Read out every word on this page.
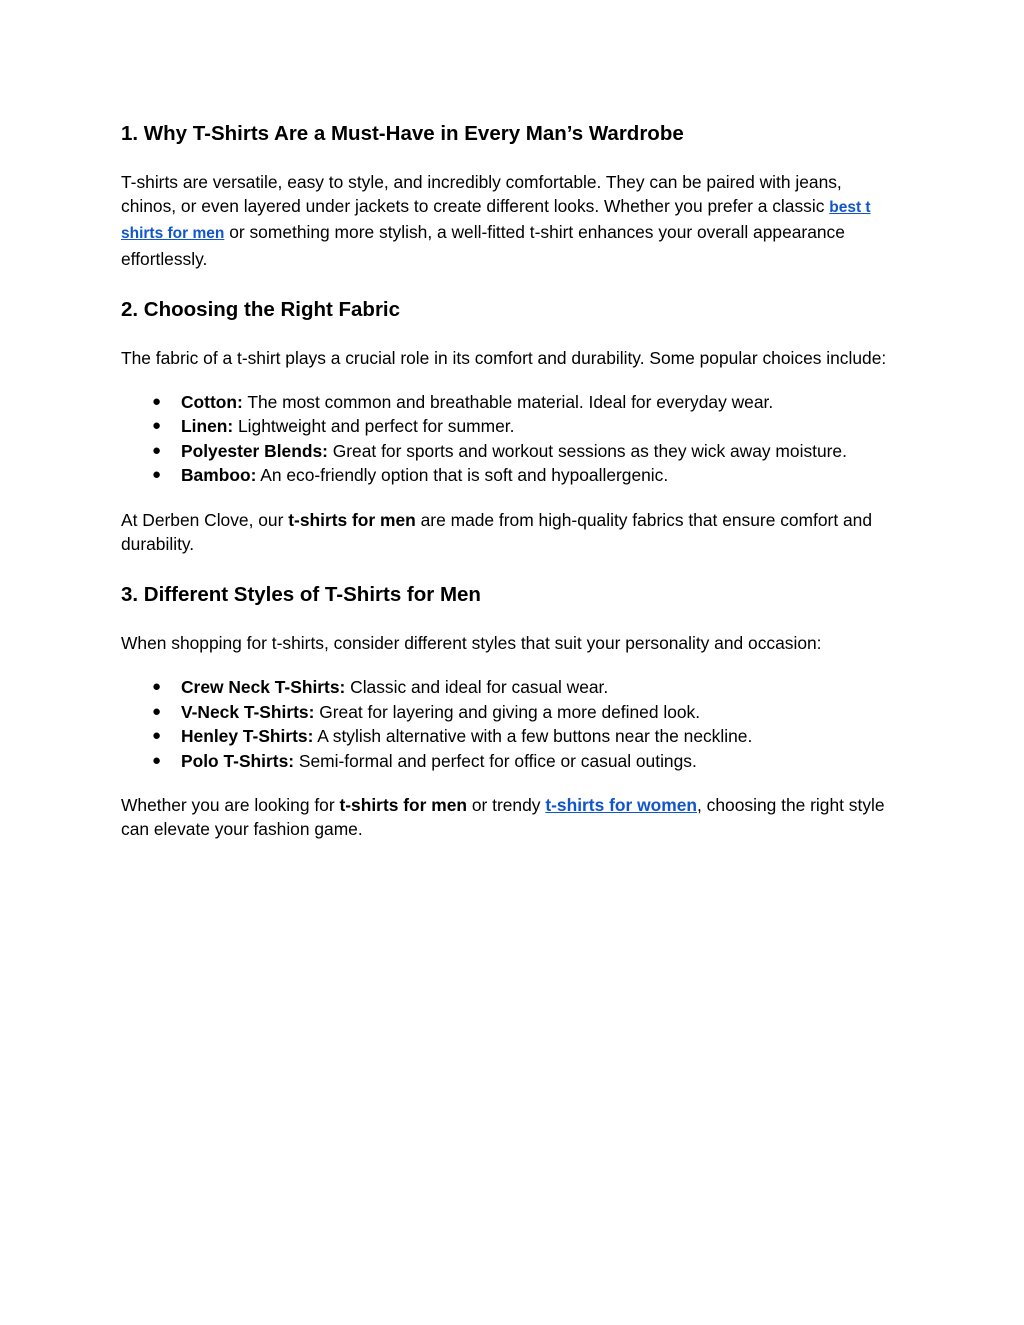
1. Why T-Shirts Are a Must-Have in Every Man’s Wardrobe

T-shirts are versatile, easy to style, and incredibly comfortable. They can be paired with jeans, chinos, or even layered under jackets to create different looks. Whether you prefer a classic best t shirts for men or something more stylish, a well-fitted t-shirt enhances your overall appearance effortlessly.

2. Choosing the Right Fabric

The fabric of a t-shirt plays a crucial role in its comfort and durability. Some popular choices include:

● Cotton: The most common and breathable material. Ideal for everyday wear.
● Linen: Lightweight and perfect for summer.
● Polyester Blends: Great for sports and workout sessions as they wick away moisture.
● Bamboo: An eco-friendly option that is soft and hypoallergenic.

At Derben Clove, our t-shirts for men are made from high-quality fabrics that ensure comfort and durability.

3. Different Styles of T-Shirts for Men

When shopping for t-shirts, consider different styles that suit your personality and occasion:

● Crew Neck T-Shirts: Classic and ideal for casual wear.
● V-Neck T-Shirts: Great for layering and giving a more defined look.
● Henley T-Shirts: A stylish alternative with a few buttons near the neckline.
● Polo T-Shirts: Semi-formal and perfect for office or casual outings.

Whether you are looking for t-shirts for men or trendy t-shirts for women, choosing the right style can elevate your fashion game.
